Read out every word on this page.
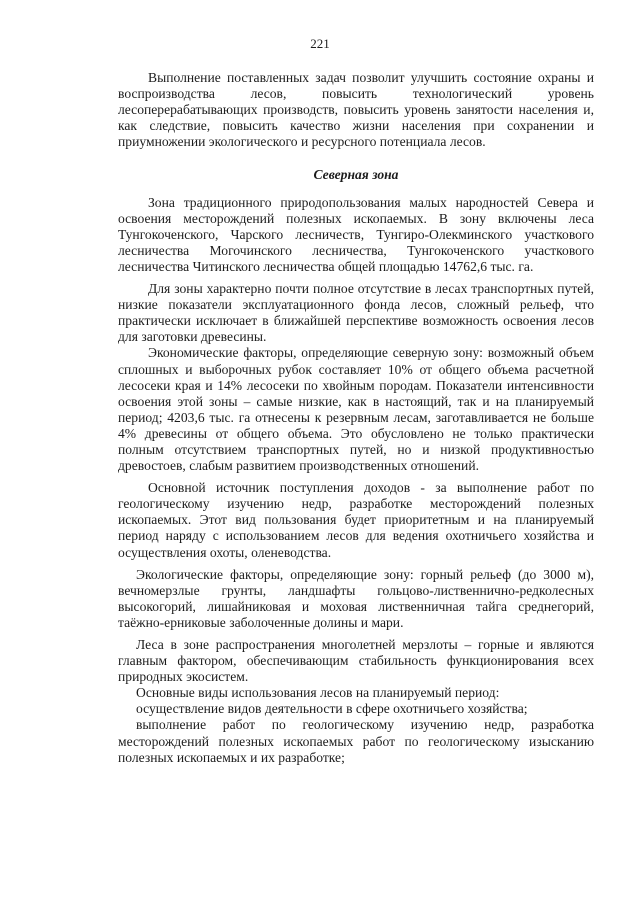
221

Выполнение поставленных задач позволит улучшить состояние охраны и воспроизводства лесов, повысить технологический уровень лесоперерабатывающих производств, повысить уровень занятости населения и, как следствие, повысить качество жизни населения при сохранении и приумножении экологического и ресурсного потенциала лесов.

Северная зона

Зона традиционного природопользования малых народностей Севера и освоения месторождений полезных ископаемых. В зону включены леса Тунгокоченского, Чарского лесничеств, Тунгиро-Олекминского участкового лесничества Могочинского лесничества, Тунгокоченского участкового лесничества Читинского лесничества общей площадью 14762,6 тыс. га.

Для зоны характерно почти полное отсутствие в лесах транспортных путей, низкие показатели эксплуатационного фонда лесов, сложный рельеф, что практически исключает в ближайшей перспективе возможность освоения лесов для заготовки древесины.

Экономические факторы, определяющие северную зону: возможный объем сплошных и выборочных рубок составляет 10% от общего объема расчетной лесосеки края и 14% лесосеки по хвойным породам. Показатели интенсивности освоения этой зоны – самые низкие, как в настоящий, так и на планируемый период; 4203,6 тыс. га отнесены к резервным лесам, заготавливается не больше 4% древесины от общего объема. Это обусловлено не только практически полным отсутствием транспортных путей, но и низкой продуктивностью древостоев, слабым развитием производственных отношений.

Основной источник поступления доходов - за выполнение работ по геологическому изучению недр, разработке месторождений полезных ископаемых. Этот вид пользования будет приоритетным и на планируемый период наряду с использованием лесов для ведения охотничьего хозяйства и осуществления охоты, оленеводства.

Экологические факторы, определяющие зону: горный рельеф (до 3000 м), вечномерзлые грунты, ландшафты гольцово-лиственнично-редколесных высокогорий, лишайниковая и моховая лиственничная тайга среднегорий, таёжно-ерниковые заболоченные долины и мари.

Леса в зоне распространения многолетней мерзлоты – горные и являются главным фактором, обеспечивающим стабильность функционирования всех природных экосистем.

Основные виды использования лесов на планируемый период:

осуществление видов деятельности в сфере охотничьего хозяйства;

выполнение работ по геологическому изучению недр, разработка месторождений полезных ископаемых работ по геологическому изысканию полезных ископаемых и их разработке;
